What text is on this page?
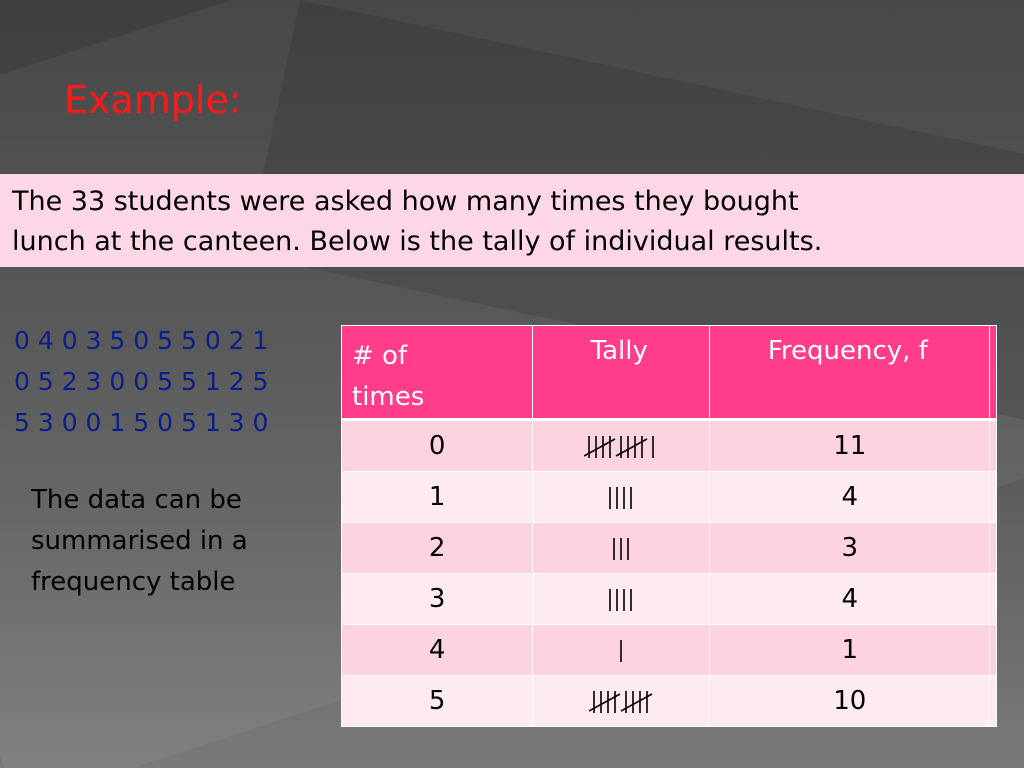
Example:
The 33 students were asked how many times they bought
lunch at the canteen. Below is the tally of individual results.
0 4 0 3 5 0 5 5 0 2 1
0 5 2 3 0 0 5 5 1 2 5
5 3 0 0 1 5 0 5 1 3 0
The data can be
summarised in a
frequency table
# of
times	Tally	Frequency, f	
0		11	
1		4	
2		3	
3		4	
4		1	
5		10	
